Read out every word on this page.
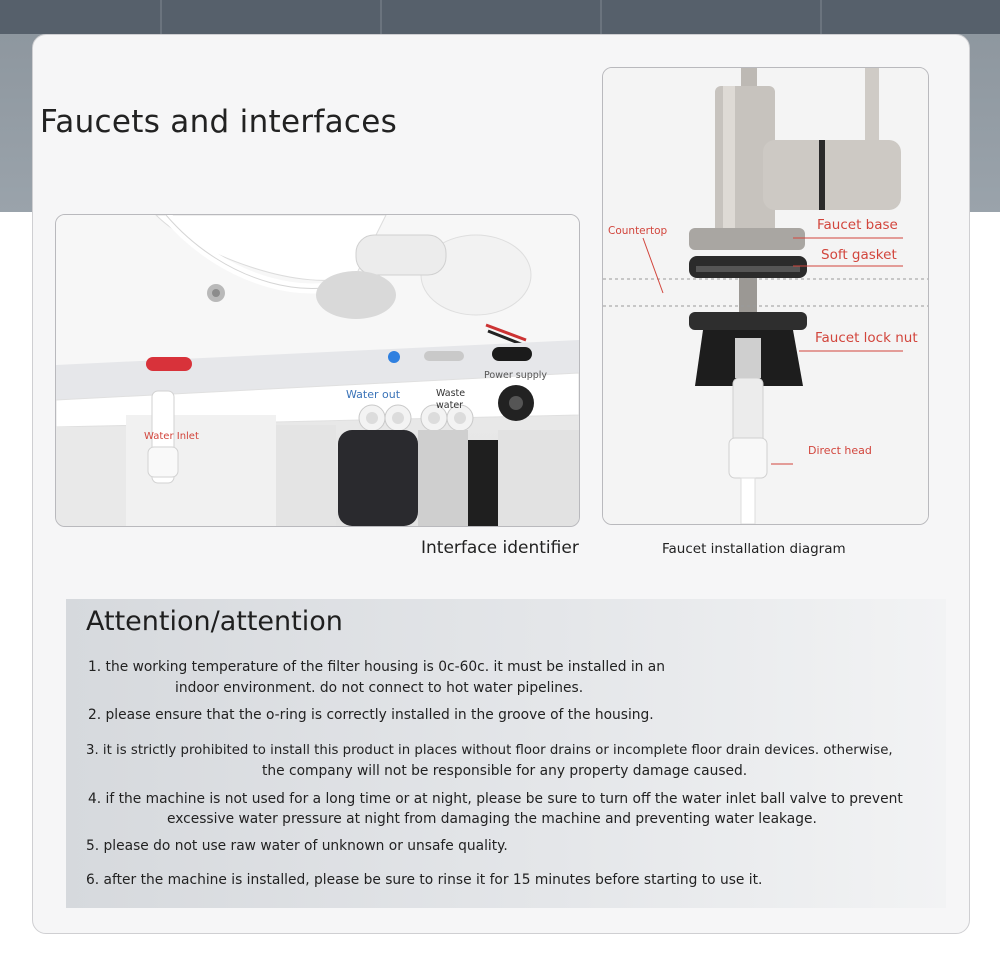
Faucets and interfaces
Water Inlet
Water out	Waste
water
Power supply
Interface identifier
Countertop	Faucet base
Soft gasket
Faucet lock nut
Direct head
Faucet installation diagram
Attention/attention
1. the working temperature of the filter housing is 0c-60c. it must be installed in an
indoor environment. do not connect to hot water pipelines.
2. please ensure that the o-ring is correctly installed in the groove of the housing.
3. it is strictly prohibited to install this product in places without floor drains or incomplete floor drain devices. otherwise,
the company will not be responsible for any property damage caused.
4. if the machine is not used for a long time or at night, please be sure to turn off the water inlet ball valve to prevent
excessive water pressure at night from damaging the machine and preventing water leakage.
5. please do not use raw water of unknown or unsafe quality.
6. after the machine is installed, please be sure to rinse it for 15 minutes before starting to use it.
